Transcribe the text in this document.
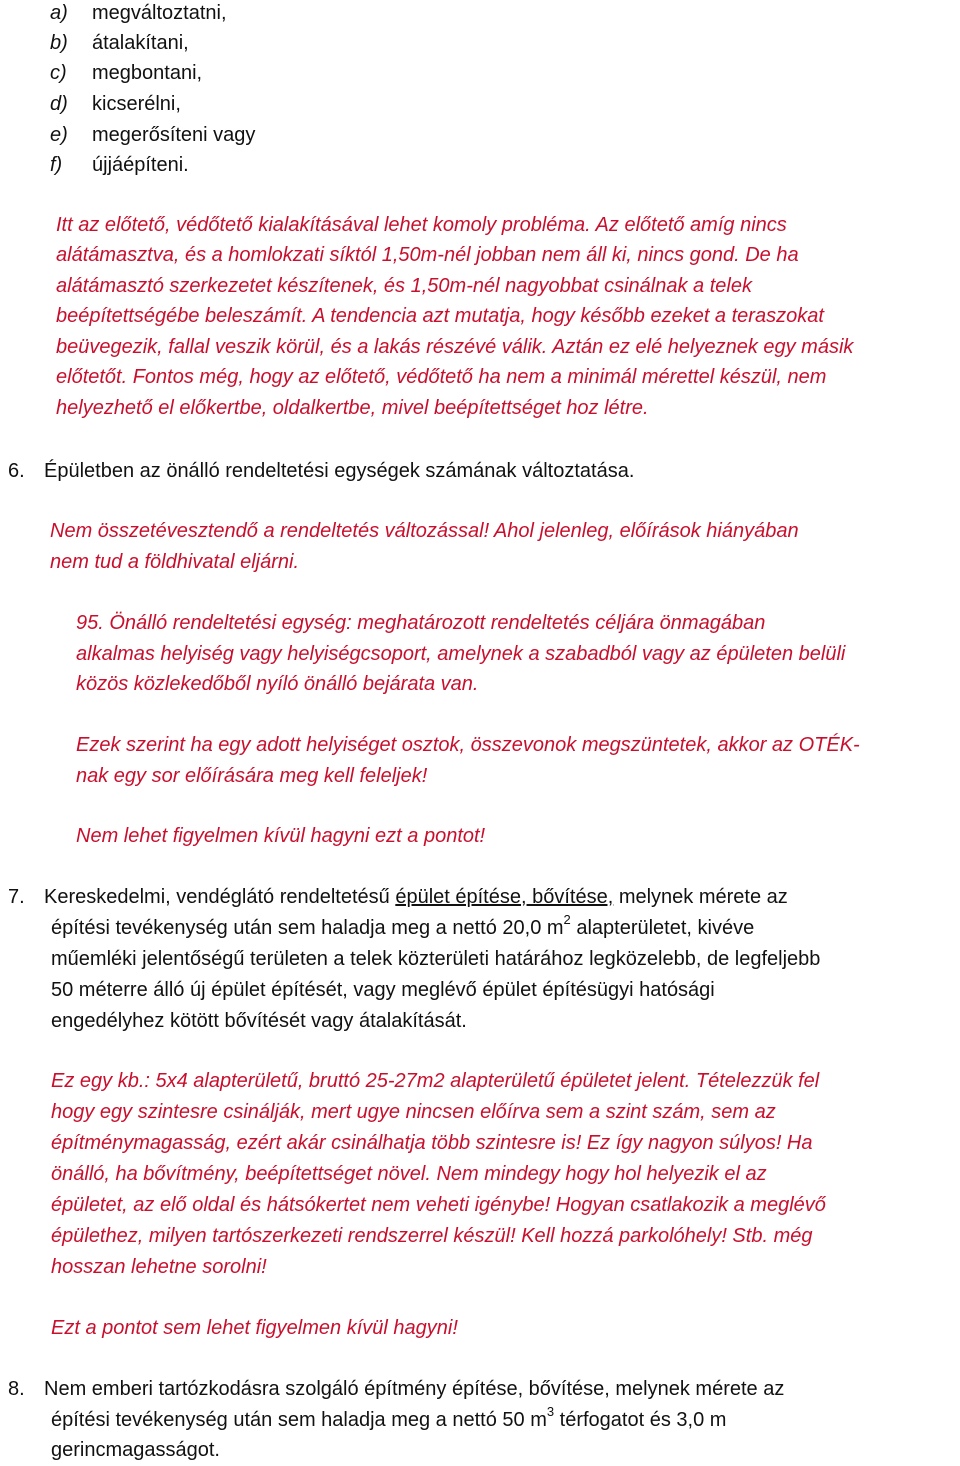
a) megváltoztatni,
b) átalakítani,
c) megbontani,
d) kicserélni,
e) megerősíteni vagy
f) újjáépíteni.
Itt az előtető, védőtető kialakításával lehet komoly probléma. Az előtető amíg nincs
alátámasztva, és a homlokzati síktól 1,50m-nél jobban nem áll ki, nincs gond. De ha
alátámasztó szerkezetet készítenek, és 1,50m-nél nagyobbat csinálnak a telek
beépítettségébe beleszámít. A tendencia azt mutatja, hogy később ezeket a teraszokat
beüvegezik, fallal veszik körül, és a lakás részévé válik. Aztán ez elé helyeznek egy másik
előtetőt. Fontos még, hogy az előtető, védőtető ha nem a minimál mérettel készül, nem
helyezhető el előkertbe, oldalkertbe, mivel beépítettséget hoz létre.
6. Épületben az önálló rendeltetési egységek számának változtatása.
Nem összetévesztendő a rendeltetés változással! Ahol jelenleg, előírások hiányában
nem tud a földhivatal eljárni.
95. Önálló rendeltetési egység: meghatározott rendeltetés céljára önmagában
alkalmas helyiség vagy helyiségcsoport, amelynek a szabadból vagy az épületen belüli
közös közlekedőből nyíló önálló bejárata van.
Ezek szerint ha egy adott helyiséget osztok, összevonok megszüntetek, akkor az OTÉK-
nak egy sor előírására meg kell feleljek!
Nem lehet figyelmen kívül hagyni ezt a pontot!
7. Kereskedelmi, vendéglátó rendeltetésű épület építése, bővítése, melynek mérete az
építési tevékenység után sem haladja meg a nettó 20,0 $m^2$ alapterületet, kivéve
műemléki jelentőségű területen a telek közterületi határához legközelebb, de legfeljebb
50 méterre álló új épület építését, vagy meglévő épület építésügyi hatósági
engedélyhez kötött bővítését vagy átalakítását.
Ez egy kb.: 5x4 alapterületű, bruttó 25-27m2 alapterületű épületet jelent. Tételezzük fel
hogy egy szintesre csinálják, mert ugye nincsen előírva sem a szint szám, sem az
építménymagasság, ezért akár csinálhatja több szintesre is! Ez így nagyon súlyos! Ha
önálló, ha bővítmény, beépítettséget növel. Nem mindegy hogy hol helyezik el az
épületet, az elő oldal és hátsókertet nem veheti igénybe! Hogyan csatlakozik a meglévő
épülethez, milyen tartószerkezeti rendszerrel készül! Kell hozzá parkolóhely! Stb. még
hosszan lehetne sorolni!
Ezt a pontot sem lehet figyelmen kívül hagyni!
8. Nem emberi tartózkodásra szolgáló építmény építése, bővítése, melynek mérete az
építési tevékenység után sem haladja meg a nettó 50 $m^3$ térfogatot és 3,0 m
gerincmagasságot.
